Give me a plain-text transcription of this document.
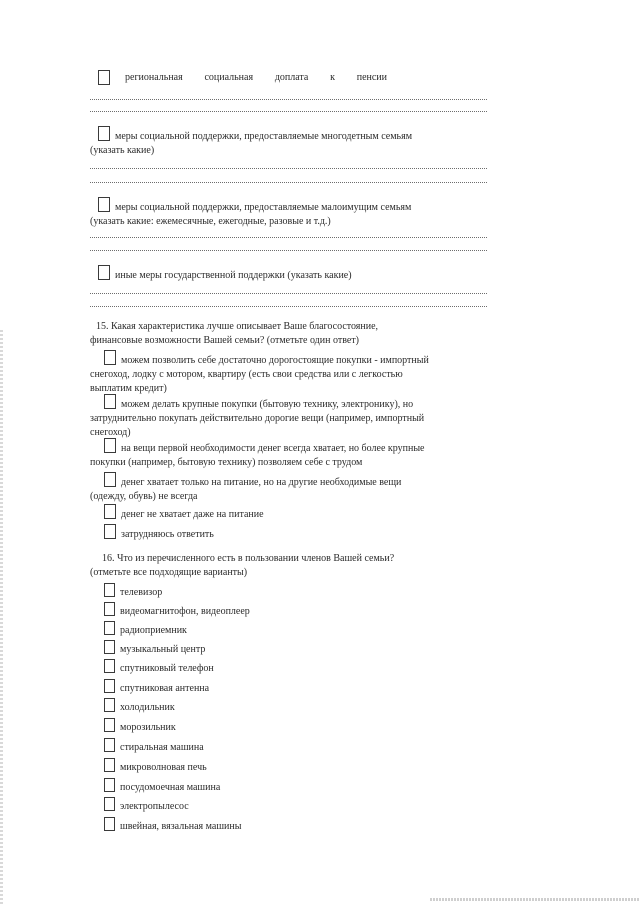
региональная социальная доплата к пенсии
меры социальной поддержки, предоставляемые многодетным семьям
(указать какие)
меры социальной поддержки, предоставляемые малоимущим семьям
(указать какие: ежемесячные, ежегодные, разовые и т.д.)
иные меры государственной поддержки (указать какие)
15. Какая характеристика лучше описывает Ваше благосостояние,
финансовые возможности Вашей семьи? (отметьте один ответ)
можем позволить себе достаточно дорогостоящие покупки - импортный
снегоход, лодку с мотором, квартиру (есть свои средства или с легкостью
выплатим кредит)
можем делать крупные покупки (бытовую технику, электронику), но
затруднительно покупать действительно дорогие вещи (например, импортный
снегоход)
на вещи первой необходимости денег всегда хватает, но более крупные
покупки (например, бытовую технику) позволяем себе с трудом
денег хватает только на питание, но на другие необходимые вещи
(одежду, обувь) не всегда
денег не хватает даже на питание
затрудняюсь ответить
16. Что из перечисленного есть в пользовании членов Вашей семьи?
(отметьте все подходящие варианты)
телевизор
видеомагнитофон, видеоплеер
радиоприемник
музыкальный центр
спутниковый телефон
спутниковая антенна
холодильник
морозильник
стиральная машина
микроволновая печь
посудомоечная машина
электропылесос
швейная, вязальная машины
